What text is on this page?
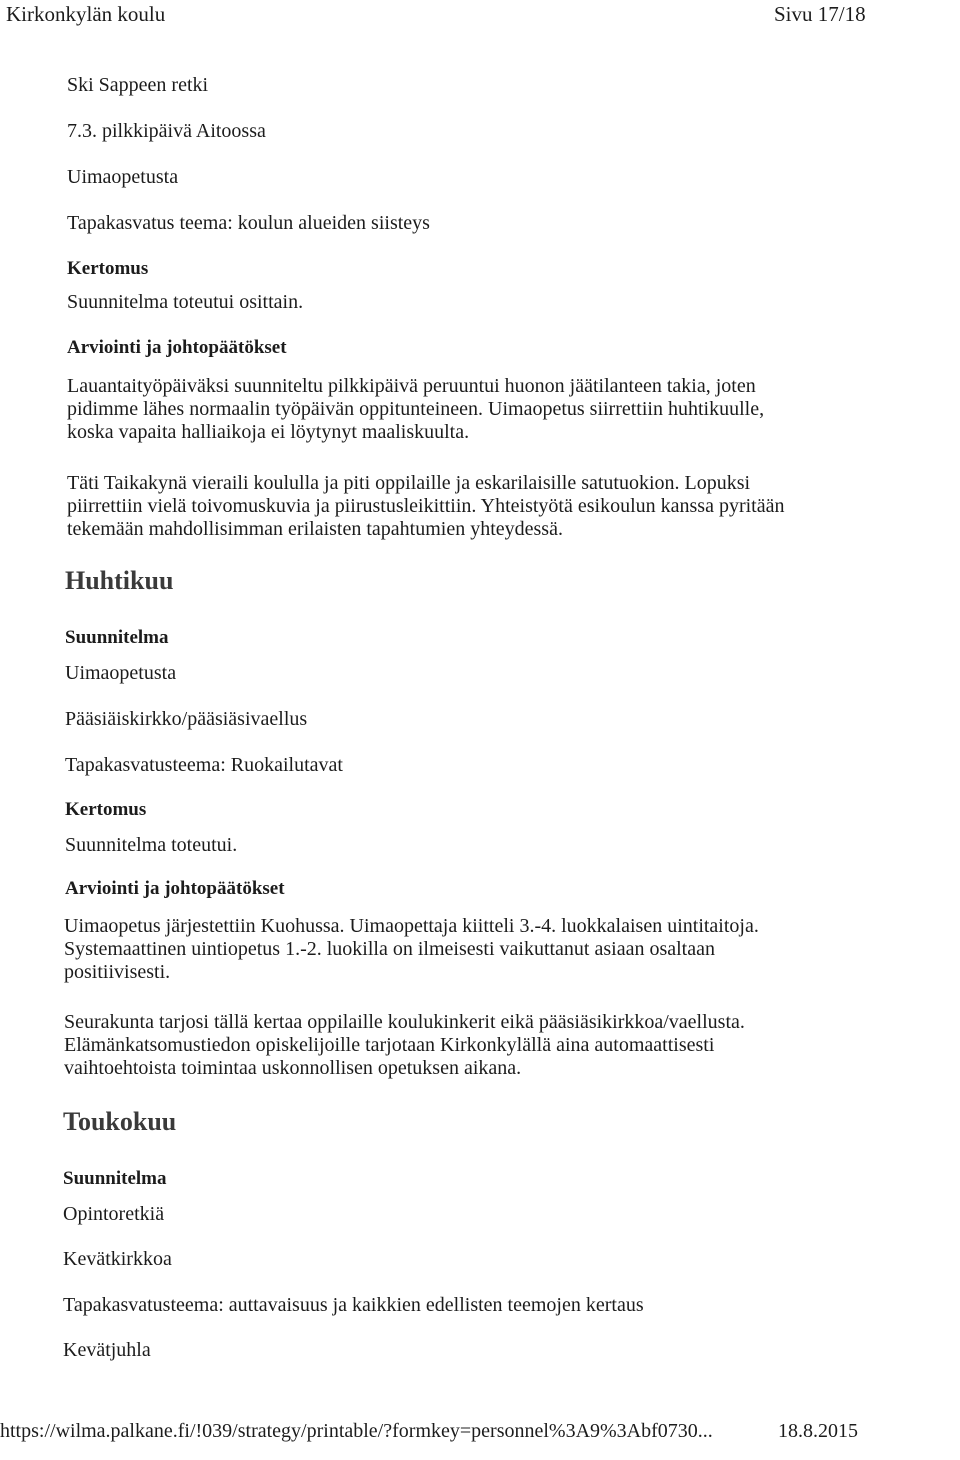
Kirkonkylän koulu	Sivu 17/18
Ski Sappeen retki
7.3. pilkkipäivä Aitoossa
Uimaopetusta
Tapakasvatus teema: koulun alueiden siisteys
Kertomus
Suunnitelma toteutui osittain.
Arviointi ja johtopäätökset
Lauantaityöpäiväksi suunniteltu pilkkipäivä peruuntui huonon jäätilanteen takia, joten
pidimme lähes normaalin työpäivän oppitunteineen. Uimaopetus siirrettiin huhtikuulle,
koska vapaita halliaikoja ei löytynyt maaliskuulta.
Täti Taikakynä vieraili koululla ja piti oppilaille ja eskarilaisille satutuokion. Lopuksi
piirrettiin vielä toivomuskuvia ja piirustusleikittiin. Yhteistyötä esikoulun kanssa pyritään
tekemään mahdollisimman erilaisten tapahtumien yhteydessä.
Huhtikuu
Suunnitelma
Uimaopetusta
Pääsiäiskirkko/pääsiäsivaellus
Tapakasvatusteema: Ruokailutavat
Kertomus
Suunnitelma toteutui.
Arviointi ja johtopäätökset
Uimaopetus järjestettiin Kuohussa. Uimaopettaja kiitteli 3.-4. luokkalaisen uintitaitoja.
Systemaattinen uintiopetus 1.-2. luokilla on ilmeisesti vaikuttanut asiaan osaltaan
positiivisesti.
Seurakunta tarjosi tällä kertaa oppilaille koulukinkerit eikä pääsiäsikirkkoa/vaellusta.
Elämänkatsomustiedon opiskelijoille tarjotaan Kirkonkylällä aina automaattisesti
vaihtoehtoista toimintaa uskonnollisen opetuksen aikana.
Toukokuu
Suunnitelma
Opintoretkiä
Kevätkirkkoa
Tapakasvatusteema: auttavaisuus ja kaikkien edellisten teemojen kertaus
Kevätjuhla
https://wilma.palkane.fi/!039/strategy/printable/?formkey=personnel%3A9%3Abf0730...	18.8.2015
